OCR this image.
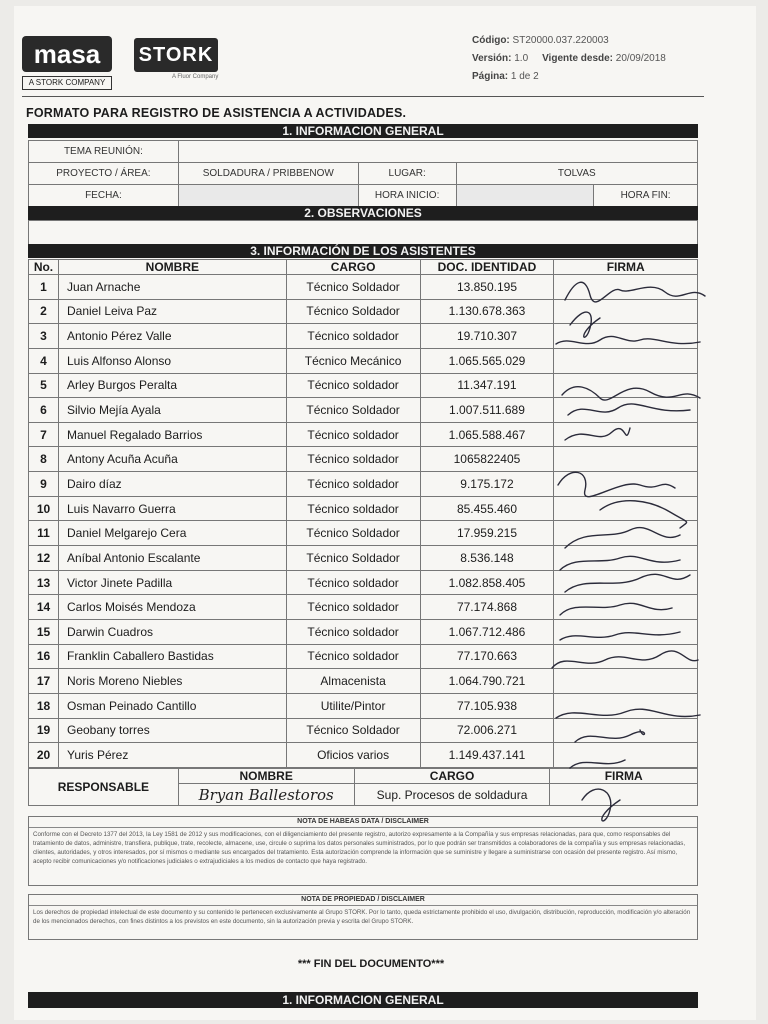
masa
A STORK COMPANY
STORK
A Fluor Company
Código: ST20000.037.220003
Versión: 1.0 Vigente desde: 20/09/2018
Página: 1 de 2
FORMATO PARA REGISTRO DE ASISTENCIA A ACTIVIDADES.
1. INFORMACION GENERAL
TEMA REUNIÓN:				
PROYECTO / ÁREA:	SOLDADURA / PRIBBENOW	LUGAR:	TOLVAS	
FECHA:		HORA INICIO:		HORA FIN:
2. OBSERVACIONES
3. INFORMACIÓN DE LOS ASISTENTES
No.	NOMBRE	CARGO	DOC. IDENTIDAD	FIRMA
1	Juan Arnache	Técnico Soldador	13.850.195	
2	Daniel Leiva Paz	Técnico Soldador	1.130.678.363	
3	Antonio Pérez Valle	Técnico soldador	19.710.307	
4	Luis Alfonso Alonso	Técnico Mecánico	1.065.565.029	
5	Arley Burgos Peralta	Técnico soldador	11.347.191	
6	Silvio Mejía Ayala	Técnico Soldador	1.007.511.689	
7	Manuel Regalado Barrios	Técnico soldador	1.065.588.467	
8	Antony Acuña Acuña	Técnico soldador	1065822405	
9	Dairo díaz	Técnico soldador	9.175.172	
10	Luis Navarro Guerra	Técnico soldador	85.455.460	
11	Daniel Melgarejo Cera	Técnico Soldador	17.959.215	
12	Aníbal Antonio Escalante	Técnico Soldador	8.536.148	
13	Victor Jinete Padilla	Técnico soldador	1.082.858.405	
14	Carlos Moisés Mendoza	Técnico soldador	77.174.868	
15	Darwin Cuadros	Técnico soldador	1.067.712.486	
16	Franklin Caballero Bastidas	Técnico soldador	77.170.663	
17	Noris Moreno Niebles	Almacenista	1.064.790.721	
18	Osman Peinado Cantillo	Utilite/Pintor	77.105.938	
19	Geobany torres	Técnico Soldador	72.006.271	
20	Yuris Pérez	Oficios varios	1.149.437.141	
RESPONSABLE	NOMBRE	CARGO	FIRMA
	Bryan Ballestoros	Sup. Procesos de soldadura	
NOTA DE HABEAS DATA / DISCLAIMER
Conforme con el Decreto 1377 del 2013, la Ley 1581 de 2012 y sus modificaciones, con el diligenciamiento del presente registro, autorizo expresamente a la Compañía y sus empresas relacionadas, para que, como responsables del tratamiento de datos, administre, transfiera, publique, trate, recolecte, almacene, use, circule o suprima los datos personales suministrados, por lo que podrán ser transmitidos a colaboradores de la compañía y sus empresas relacionadas, clientes, autoridades, y otros interesados, por sí mismos o mediante sus encargados del tratamiento. Esta autorización comprende la información que se suministre y llegare a suministrarse con ocasión del presente registro. Así mismo, acepto recibir comunicaciones y/o notificaciones judiciales o extrajudiciales a los medios de contacto que haya registrado.
NOTA DE PROPIEDAD / DISCLAIMER
Los derechos de propiedad intelectual de este documento y su contenido le pertenecen exclusivamente al Grupo STORK. Por lo tanto, queda estrictamente prohibido el uso, divulgación, distribución, reproducción, modificación y/o alteración de los mencionados derechos, con fines distintos a los previstos en este documento, sin la autorización previa y escrita del Grupo STORK.
*** FIN DEL DOCUMENTO***
1. INFORMACION GENERAL
